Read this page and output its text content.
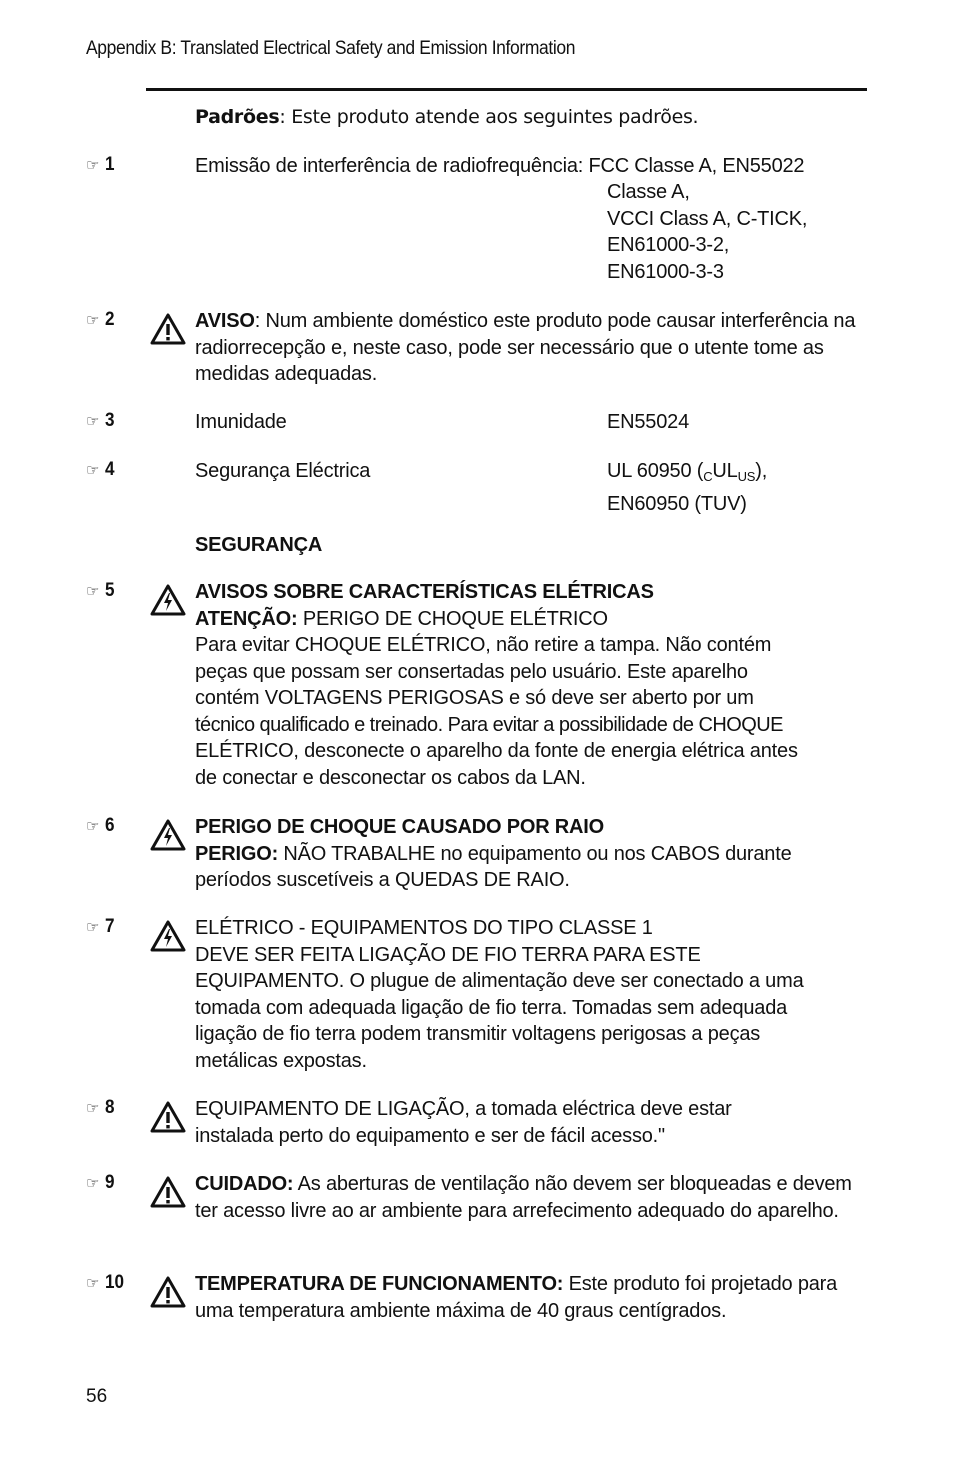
Appendix B: Translated Electrical Safety and Emission Information
Padrões: Este produto atende aos seguintes padrões.
☞ 1	Emissão de interferência de radiofrequência: FCC Classe A, EN55022
Classe A,
VCCI Class A, C-TICK,
EN61000-3-2,
EN61000-3-3
☞ 2	AVISO: Num ambiente doméstico este produto pode causar interferência na radiorrecepção e, neste caso, pode ser necessário que o utente tome as medidas adequadas.
☞ 3	Imunidade	EN55024
☞ 4	Segurança Eléctrica	UL 60950 $(_CUL_{US})$,
EN60950 (TUV)
SEGURANÇA
☞ 5	AVISOS SOBRE CARACTERÍSTICAS ELÉTRICAS
ATENÇÃO: PERIGO DE CHOQUE ELÉTRICO
Para evitar CHOQUE ELÉTRICO, não retire a tampa. Não contém
peças que possam ser consertadas pelo usuário. Este aparelho
contém VOLTAGENS PERIGOSAS e só deve ser aberto por um
técnico qualificado e treinado. Para evitar a possibilidade de CHOQUE
ELÉTRICO, desconecte o aparelho da fonte de energia elétrica antes
de conectar e desconectar os cabos da LAN.
☞ 6	PERIGO DE CHOQUE CAUSADO POR RAIO
PERIGO: NÃO TRABALHE no equipamento ou nos CABOS durante períodos suscetíveis a QUEDAS DE RAIO.
☞ 7	ELÉTRICO - EQUIPAMENTOS DO TIPO CLASSE 1
DEVE SER FEITA LIGAÇÃO DE FIO TERRA PARA ESTE
EQUIPAMENTO. O plugue de alimentação deve ser conectado a uma
tomada com adequada ligação de fio terra. Tomadas sem adequada
ligação de fio terra podem transmitir voltagens perigosas a peças
metálicas expostas.
☞ 8	EQUIPAMENTO DE LIGAÇÃO, a tomada eléctrica deve estar
instalada perto do equipamento e ser de fácil acesso."
☞ 9	CUIDADO: As aberturas de ventilação não devem ser bloqueadas e devem ter acesso livre ao ar ambiente para arrefecimento adequado do aparelho.
☞ 10	TEMPERATURA DE FUNCIONAMENTO: Este produto foi projetado para uma temperatura ambiente máxima de 40 graus centígrados.
56
